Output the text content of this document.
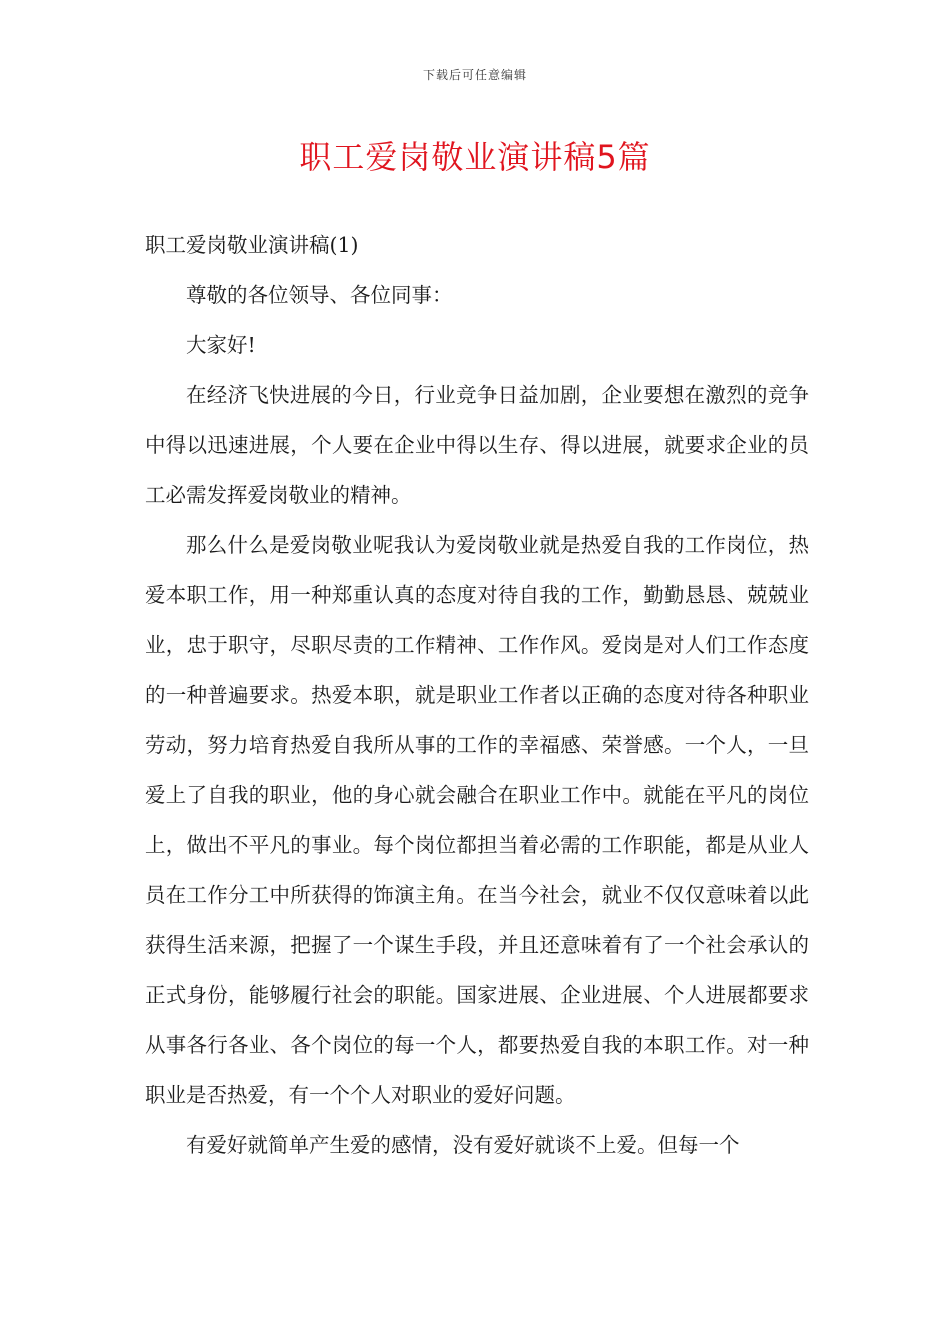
下载后可任意编辑
职工爱岗敬业演讲稿5篇

职工爱岗敬业演讲稿(1)

尊敬的各位领导、各位同事：

大家好!

在经济飞快进展的今日，行业竞争日益加剧，企业要想在激烈的竞争中得以迅速进展，个人要在企业中得以生存、得以进展，就要求企业的员工必需发挥爱岗敬业的精神。

那么什么是爱岗敬业呢我认为爱岗敬业就是热爱自我的工作岗位，热爱本职工作，用一种郑重认真的态度对待自我的工作，勤勤恳恳、兢兢业业，忠于职守，尽职尽责的工作精神、工作作风。爱岗是对人们工作态度的一种普遍要求。热爱本职，就是职业工作者以正确的态度对待各种职业劳动，努力培育热爱自我所从事的工作的幸福感、荣誉感。一个人，一旦爱上了自我的职业，他的身心就会融合在职业工作中。就能在平凡的岗位上，做出不平凡的事业。每个岗位都担当着必需的工作职能，都是从业人员在工作分工中所获得的饰演主角。在当今社会，就业不仅仅意味着以此获得生活来源，把握了一个谋生手段，并且还意味着有了一个社会承认的正式身份，能够履行社会的职能。国家进展、企业进展、个人进展都要求从事各行各业、各个岗位的每一个人，都要热爱自我的本职工作。对一种职业是否热爱，有一个个人对职业的爱好问题。

有爱好就简单产生爱的感情，没有爱好就谈不上爱。但每一个
